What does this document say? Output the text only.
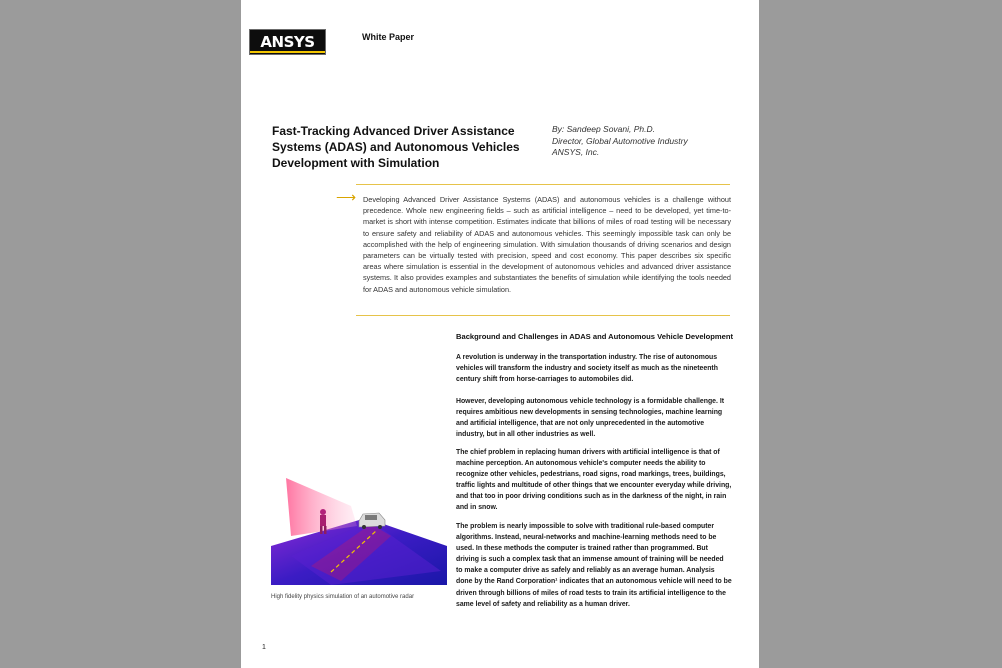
ANSYS	White Paper
Fast-Tracking Advanced Driver Assistance Systems (ADAS) and Autonomous Vehicles Development with Simulation
By: Sandeep Sovani, Ph.D.
Director, Global Automotive Industry
ANSYS, Inc.
⟶ Developing Advanced Driver Assistance Systems (ADAS) and autonomous vehicles is a challenge without precedence. Whole new engineering fields – such as artificial intelligence – need to be developed, yet time-to-market is short with intense competition. Estimates indicate that billions of miles of road testing will be necessary to ensure safety and reliability of ADAS and autonomous vehicles. This seemingly impossible task can only be accomplished with the help of engineering simulation. With simulation thousands of driving scenarios and design parameters can be virtually tested with precision, speed and cost economy. This paper describes six specific areas where simulation is essential in the development of autonomous vehicles and advanced driver assistance systems. It also provides examples and substantiates the benefits of simulation while identifying the tools needed for ADAS and autonomous vehicle simulation.
Background and Challenges in ADAS and Autonomous Vehicle Development
A revolution is underway in the transportation industry. The rise of autonomous vehicles will transform the industry and society itself as much as the nineteenth century shift from horse-carriages to automobiles did.
However, developing autonomous vehicle technology is a formidable challenge. It requires ambitious new developments in sensing technologies, machine learning and artificial intelligence, that are not only unprecedented in the automotive industry, but in all other industries as well.
The chief problem in replacing human drivers with artificial intelligence is that of machine perception. An autonomous vehicle's computer needs the ability to recognize other vehicles, pedestrians, road signs, road markings, trees, buildings, traffic lights and multitude of other things that we encounter everyday while driving, and that too in poor driving conditions such as in the darkness of the night, in rain and in snow.
The problem is nearly impossible to solve with traditional rule-based computer algorithms. Instead, neural-networks and machine-learning methods need to be used. In these methods the computer is trained rather than programmed. But driving is such a complex task that an immense amount of training will be needed to make a computer drive as safely and reliably as an average human. Analysis done by the Rand Corporation¹ indicates that an autonomous vehicle will need to be driven through billions of miles of road tests to train its artificial intelligence to the same level of safety and reliability as a human driver.
High fidelity physics simulation of an automotive radar
1
